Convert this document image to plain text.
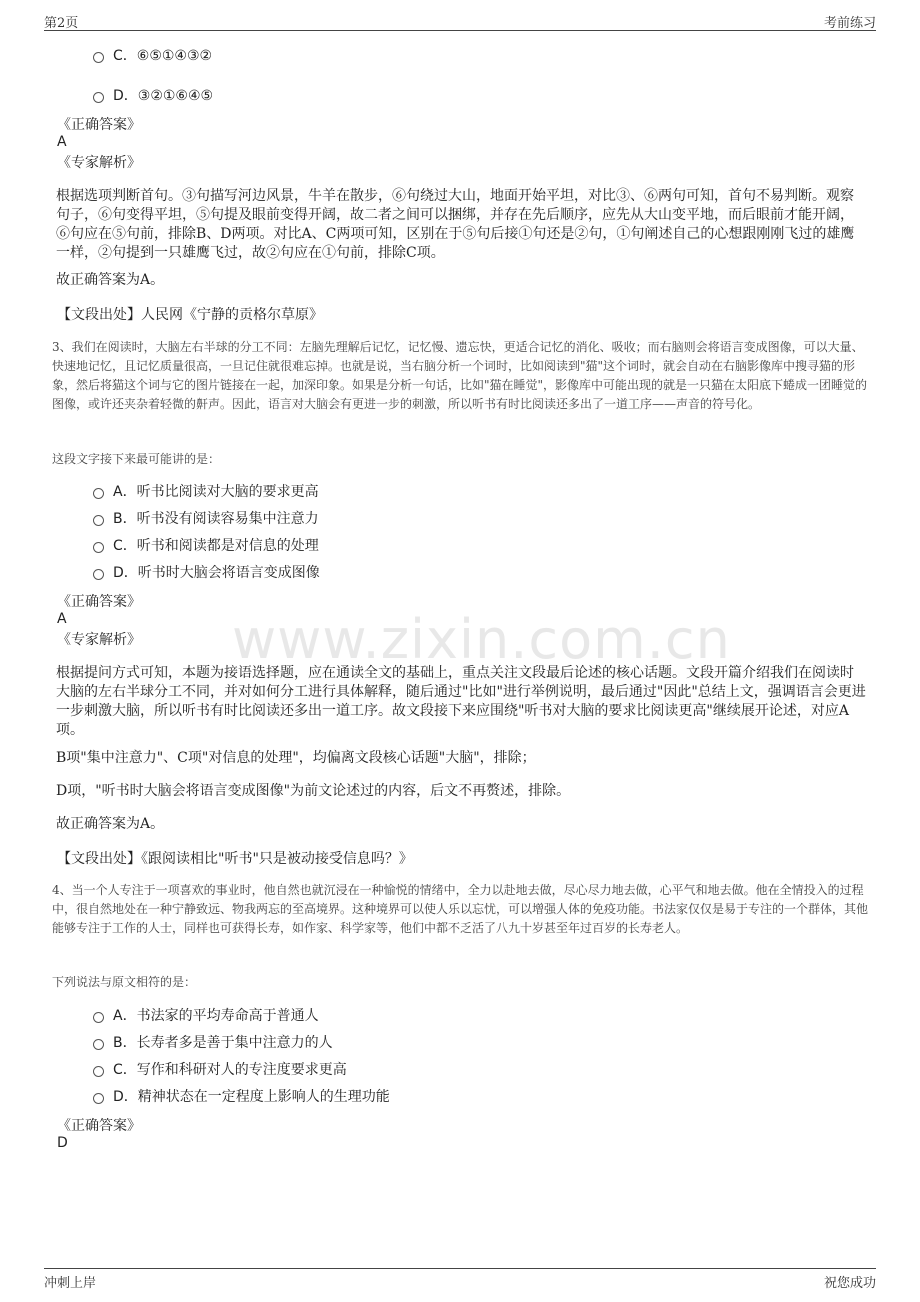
第2页	考前练习
www.zixin.com.cn
C．⑥⑤①④③②
D．③②①⑥④⑤
《正确答案》
A
《专家解析》

根据选项判断首句。③句描写河边风景，牛羊在散步，⑥句绕过大山，地面开始平坦，对比③、⑥两句可知，首句不易判断。观察句子，⑥句变得平坦，⑤句提及眼前变得开阔，故二者之间可以捆绑，并存在先后顺序，应先从大山变平地，而后眼前才能开阔，⑥句应在⑤句前，排除B、D两项。对比A、C两项可知，区别在于⑤句后接①句还是②句，①句阐述自己的心想跟刚刚飞过的雄鹰一样，②句提到一只雄鹰飞过，故②句应在①句前，排除C项。

故正确答案为A。

【文段出处】人民网《宁静的贡格尔草原》

3、我们在阅读时，大脑左右半球的分工不同：左脑先理解后记忆，记忆慢、遗忘快，更适合记忆的消化、吸收；而右脑则会将语言变成图像，可以大量、快速地记忆，且记忆质量很高，一旦记住就很难忘掉。也就是说，当右脑分析一个词时，比如阅读到"猫"这个词时，就会自动在右脑影像库中搜寻猫的形象，然后将猫这个词与它的图片链接在一起，加深印象。如果是分析一句话，比如"猫在睡觉"，影像库中可能出现的就是一只猫在太阳底下蜷成一团睡觉的图像，或许还夹杂着轻微的鼾声。因此，语言对大脑会有更进一步的刺激，所以听书有时比阅读还多出了一道工序——声音的符号化。

这段文字接下来最可能讲的是：
A．听书比阅读对大脑的要求更高
B．听书没有阅读容易集中注意力
C．听书和阅读都是对信息的处理
D．听书时大脑会将语言变成图像
《正确答案》
A
《专家解析》

根据提问方式可知，本题为接语选择题，应在通读全文的基础上，重点关注文段最后论述的核心话题。文段开篇介绍我们在阅读时大脑的左右半球分工不同，并对如何分工进行具体解释，随后通过"比如"进行举例说明，最后通过"因此"总结上文，强调语言会更进一步刺激大脑，所以听书有时比阅读还多出一道工序。故文段接下来应围绕"听书对大脑的要求比阅读更高"继续展开论述，对应A项。

B项"集中注意力"、C项"对信息的处理"，均偏离文段核心话题"大脑"，排除；

D项，"听书时大脑会将语言变成图像"为前文论述过的内容，后文不再赘述，排除。

故正确答案为A。

【文段出处】《跟阅读相比"听书"只是被动接受信息吗？》

4、当一个人专注于一项喜欢的事业时，他自然也就沉浸在一种愉悦的情绪中，全力以赴地去做，尽心尽力地去做，心平气和地去做。他在全情投入的过程中，很自然地处在一种宁静致远、物我两忘的至高境界。这种境界可以使人乐以忘忧，可以增强人体的免疫功能。书法家仅仅是易于专注的一个群体，其他能够专注于工作的人士，同样也可获得长寿，如作家、科学家等，他们中都不乏活了八九十岁甚至年过百岁的长寿老人。

下列说法与原文相符的是：
A．书法家的平均寿命高于普通人
B．长寿者多是善于集中注意力的人
C．写作和科研对人的专注度要求更高
D．精神状态在一定程度上影响人的生理功能
《正确答案》
D
冲刺上岸	祝您成功
